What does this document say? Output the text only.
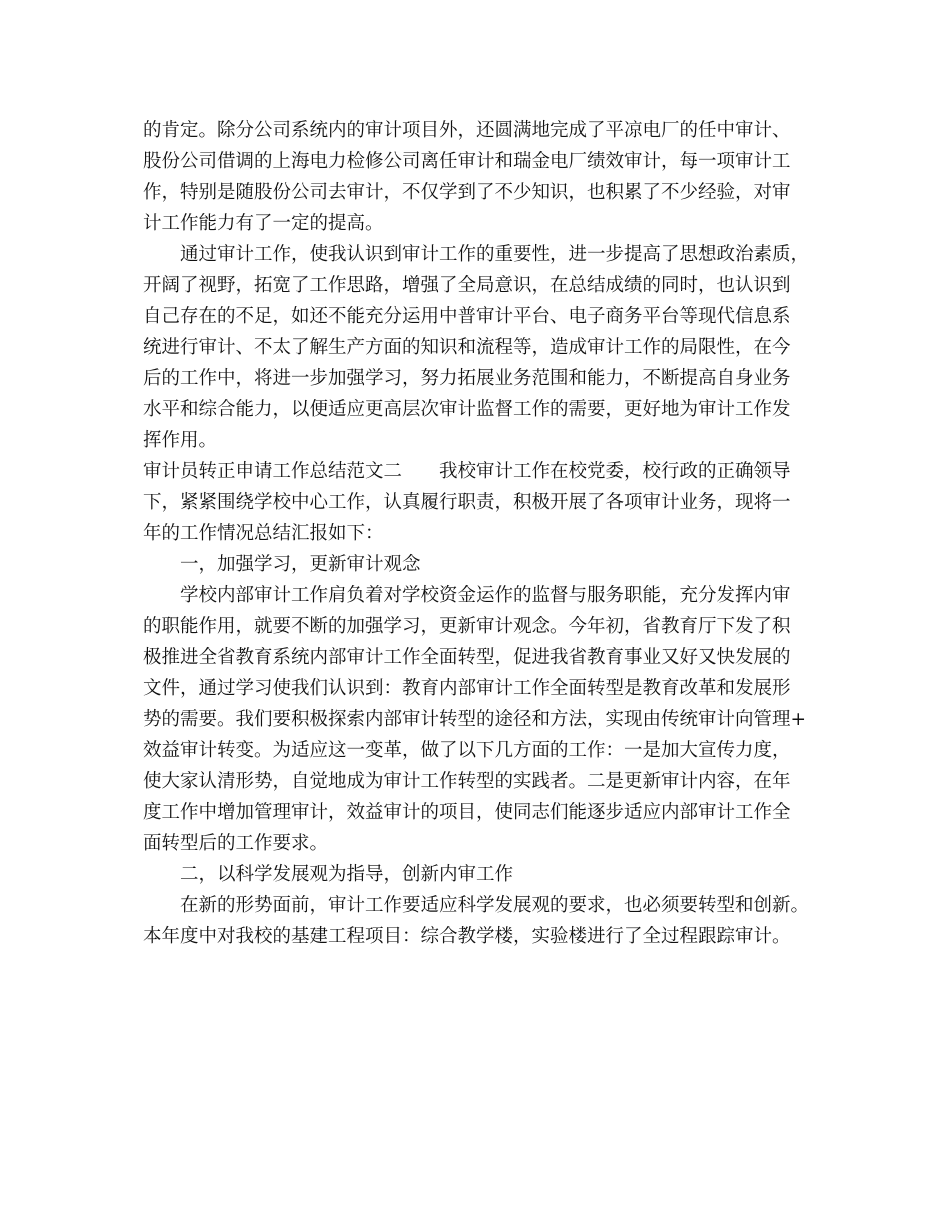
的肯定。除分公司系统内的审计项目外，还圆满地完成了平凉电厂的任中审计、
股份公司借调的上海电力检修公司离任审计和瑞金电厂绩效审计，每一项审计工
作，特别是随股份公司去审计，不仅学到了不少知识，也积累了不少经验，对审
计工作能力有了一定的提高。
通过审计工作，使我认识到审计工作的重要性，进一步提高了思想政治素质，
开阔了视野，拓宽了工作思路，增强了全局意识，在总结成绩的同时，也认识到
自己存在的不足，如还不能充分运用中普审计平台、电子商务平台等现代信息系
统进行审计、不太了解生产方面的知识和流程等，造成审计工作的局限性，在今
后的工作中，将进一步加强学习，努力拓展业务范围和能力，不断提高自身业务
水平和综合能力，以便适应更高层次审计监督工作的需要，更好地为审计工作发
挥作用。
审计员转正申请工作总结范文二　　我校审计工作在校党委，校行政的正确领导
下，紧紧围绕学校中心工作，认真履行职责，积极开展了各项审计业务，现将一
年的工作情况总结汇报如下：
一，加强学习，更新审计观念
学校内部审计工作肩负着对学校资金运作的监督与服务职能，充分发挥内审
的职能作用，就要不断的加强学习，更新审计观念。今年初，省教育厅下发了积
极推进全省教育系统内部审计工作全面转型，促进我省教育事业又好又快发展的
文件，通过学习使我们认识到：教育内部审计工作全面转型是教育改革和发展形
势的需要。我们要积极探索内部审计转型的途径和方法，实现由传统审计向管理+
效益审计转变。为适应这一变革，做了以下几方面的工作：一是加大宣传力度，
使大家认清形势，自觉地成为审计工作转型的实践者。二是更新审计内容，在年
度工作中增加管理审计，效益审计的项目，使同志们能逐步适应内部审计工作全
面转型后的工作要求。
二，以科学发展观为指导，创新内审工作
在新的形势面前，审计工作要适应科学发展观的要求，也必须要转型和创新。
本年度中对我校的基建工程项目：综合教学楼，实验楼进行了全过程跟踪审计。
